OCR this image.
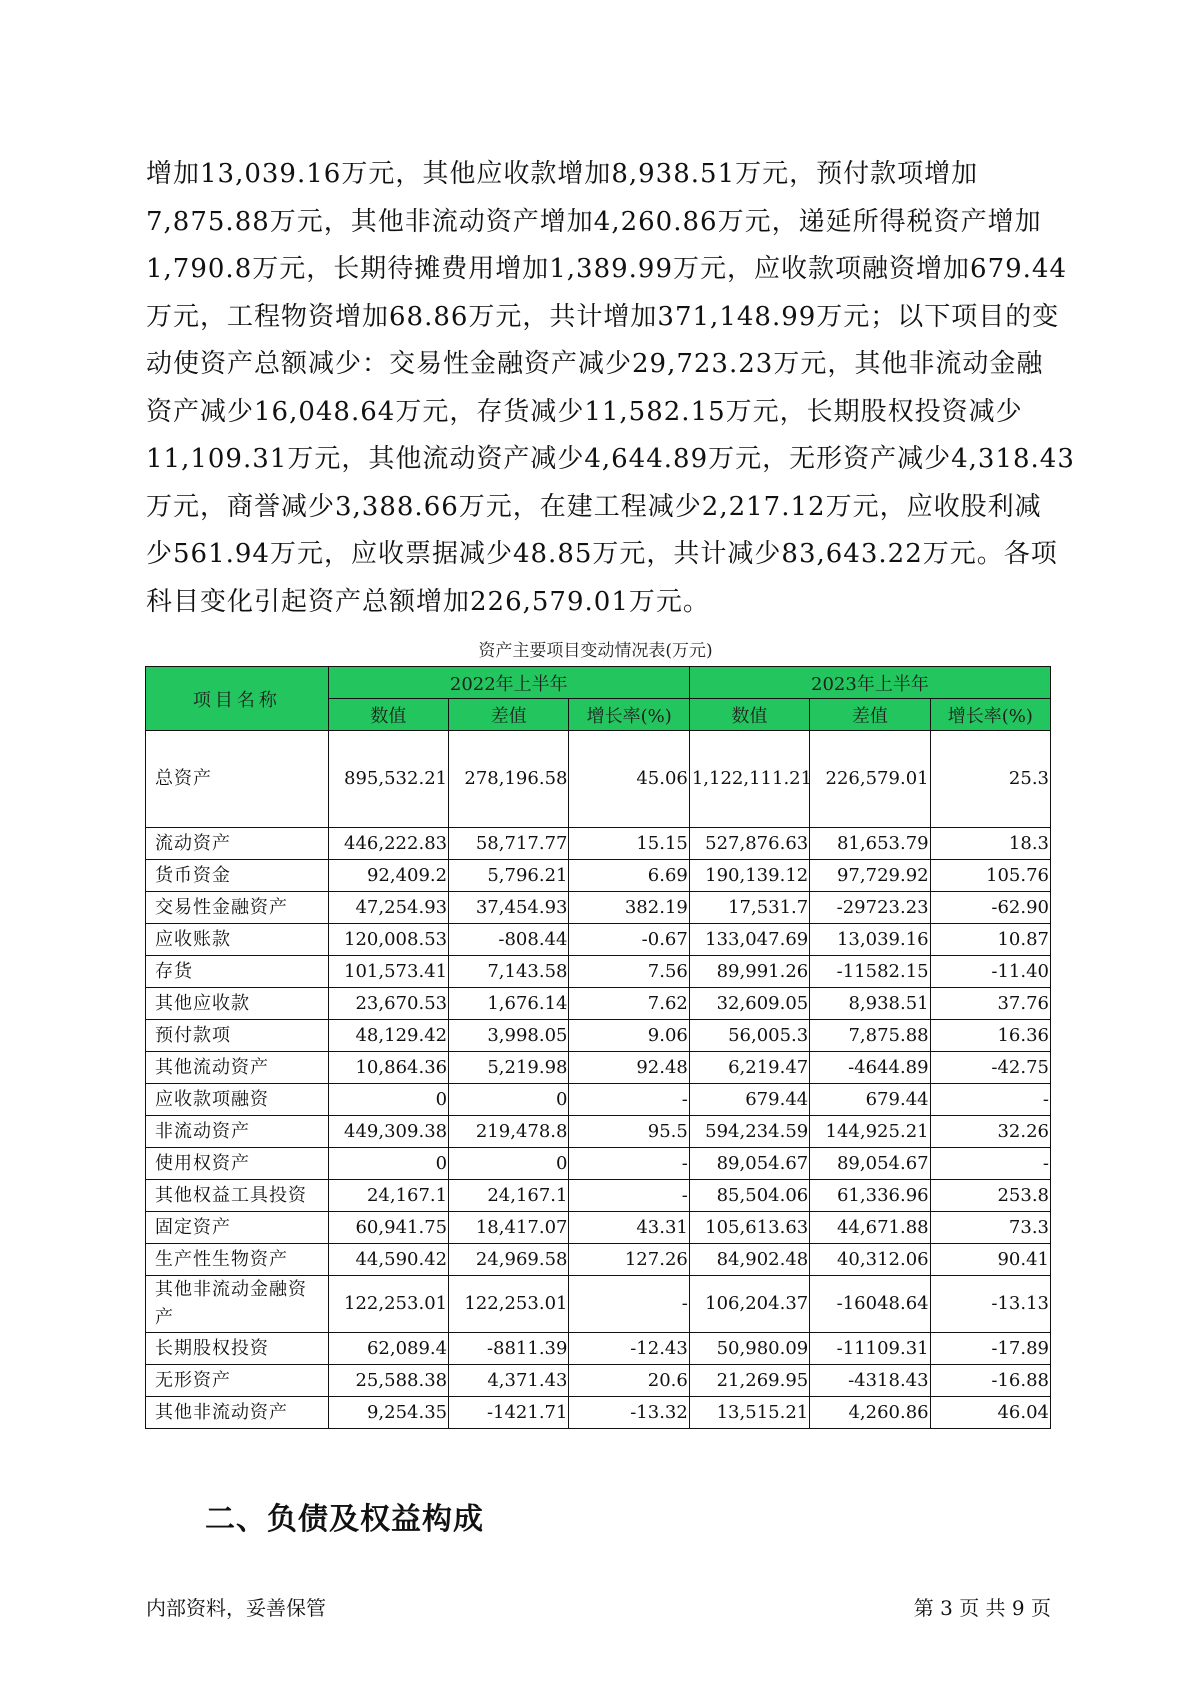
增加13,039.16万元，其他应收款增加8,938.51万元，预付款项增加
7,875.88万元，其他非流动资产增加4,260.86万元，递延所得税资产增加
1,790.8万元，长期待摊费用增加1,389.99万元，应收款项融资增加679.44
万元，工程物资增加68.86万元，共计增加371,148.99万元；以下项目的变
动使资产总额减少：交易性金融资产减少29,723.23万元，其他非流动金融
资产减少16,048.64万元，存货减少11,582.15万元，长期股权投资减少
11,109.31万元，其他流动资产减少4,644.89万元，无形资产减少4,318.43
万元，商誉减少3,388.66万元，在建工程减少2,217.12万元，应收股利减
少561.94万元，应收票据减少48.85万元，共计减少83,643.22万元。各项
科目变化引起资产总额增加226,579.01万元。
资产主要项目变动情况表(万元)
项目名称	2022年上半年			2023年上半年		
	数值	差值	增长率(%)	数值	差值	增长率(%)
总资产	895,532.21	278,196.58	45.06	1,122,111.21	226,579.01	25.3
流动资产	446,222.83	58,717.77	15.15	527,876.63	81,653.79	18.3
货币资金	92,409.2	5,796.21	6.69	190,139.12	97,729.92	105.76
交易性金融资产	47,254.93	37,454.93	382.19	17,531.7	-29723.23	-62.90
应收账款	120,008.53	-808.44	-0.67	133,047.69	13,039.16	10.87
存货	101,573.41	7,143.58	7.56	89,991.26	-11582.15	-11.40
其他应收款	23,670.53	1,676.14	7.62	32,609.05	8,938.51	37.76
预付款项	48,129.42	3,998.05	9.06	56,005.3	7,875.88	16.36
其他流动资产	10,864.36	5,219.98	92.48	6,219.47	-4644.89	-42.75
应收款项融资	0	0	-	679.44	679.44	-
非流动资产	449,309.38	219,478.8	95.5	594,234.59	144,925.21	32.26
使用权资产	0	0	-	89,054.67	89,054.67	-
其他权益工具投资	24,167.1	24,167.1	-	85,504.06	61,336.96	253.8
固定资产	60,941.75	18,417.07	43.31	105,613.63	44,671.88	73.3
生产性生物资产	44,590.42	24,969.58	127.26	84,902.48	40,312.06	90.41
其他非流动金融资产	122,253.01	122,253.01	-	106,204.37	-16048.64	-13.13
长期股权投资	62,089.4	-8811.39	-12.43	50,980.09	-11109.31	-17.89
无形资产	25,588.38	4,371.43	20.6	21,269.95	-4318.43	-16.88
其他非流动资产	9,254.35	-1421.71	-13.32	13,515.21	4,260.86	46.04
二、负债及权益构成
内部资料，妥善保管	第 3 页 共 9 页
